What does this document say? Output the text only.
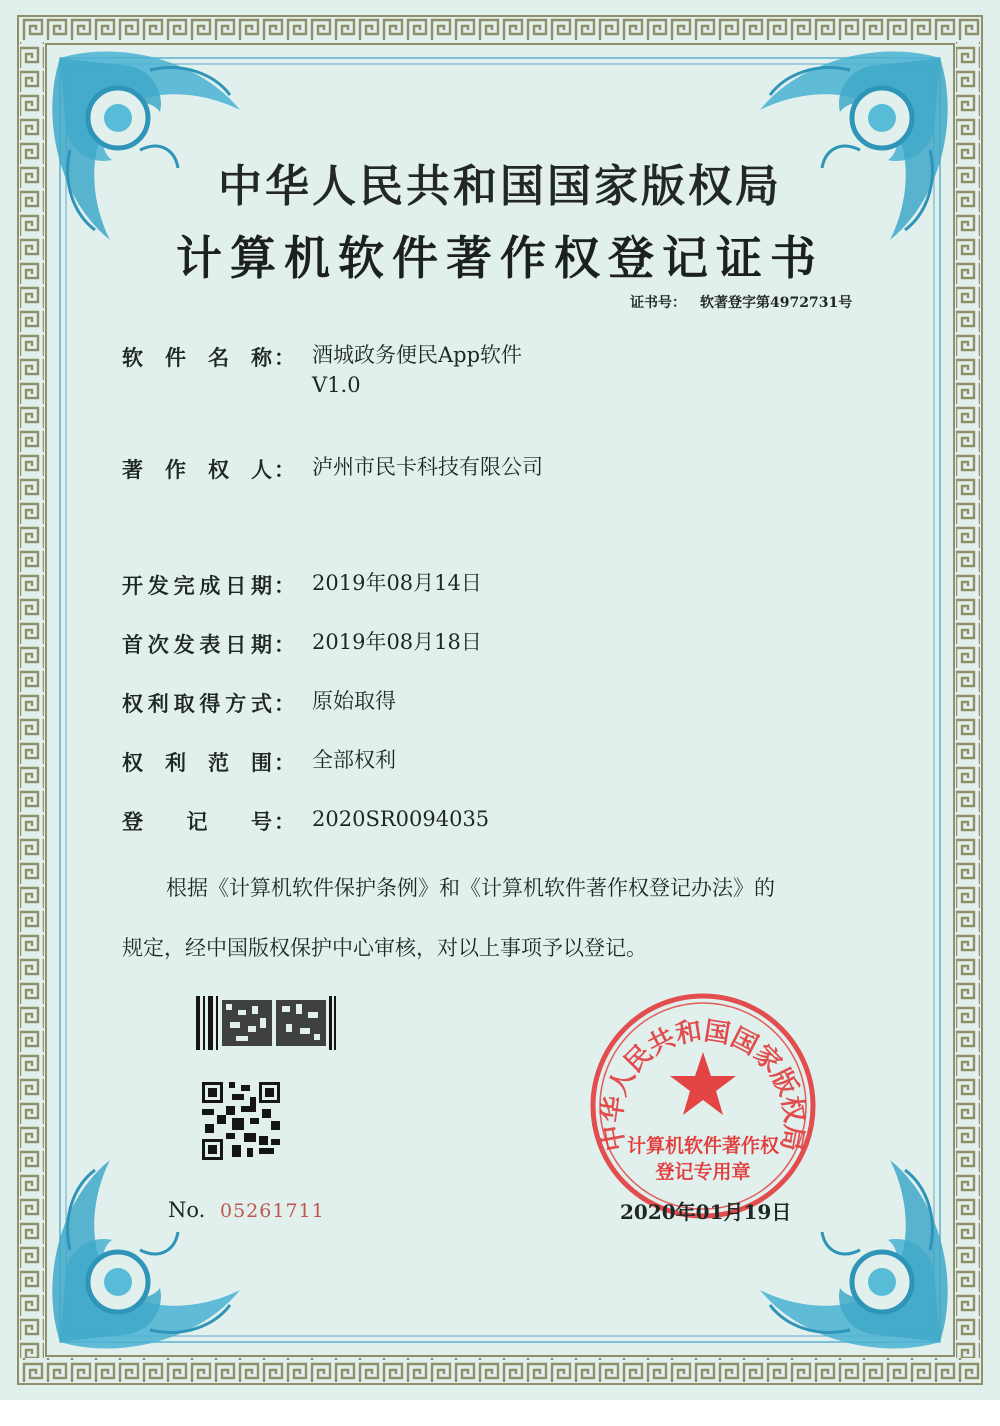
中华人民共和国国家版权局
计算机软件著作权登记证书
证书号： 软著登字第4972731号
软件名称 ： 酒城政务便民App软件
V1.0
著作权人 ： 泸州市民卡科技有限公司
开发完成日期 ： 2019年08月14日
首次发表日期 ： 2019年08月18日
权利取得方式 ： 原始取得
权利范围 ： 全部权利
登记号 ： 2020SR0094035
根据《计算机软件保护条例》和《计算机软件著作权登记办法》的
规定，经中国版权保护中心审核，对以上事项予以登记。
No. 05261711
中华人民共和国国家版权局
计算机软件著作权
登记专用章
2020年01月19日
